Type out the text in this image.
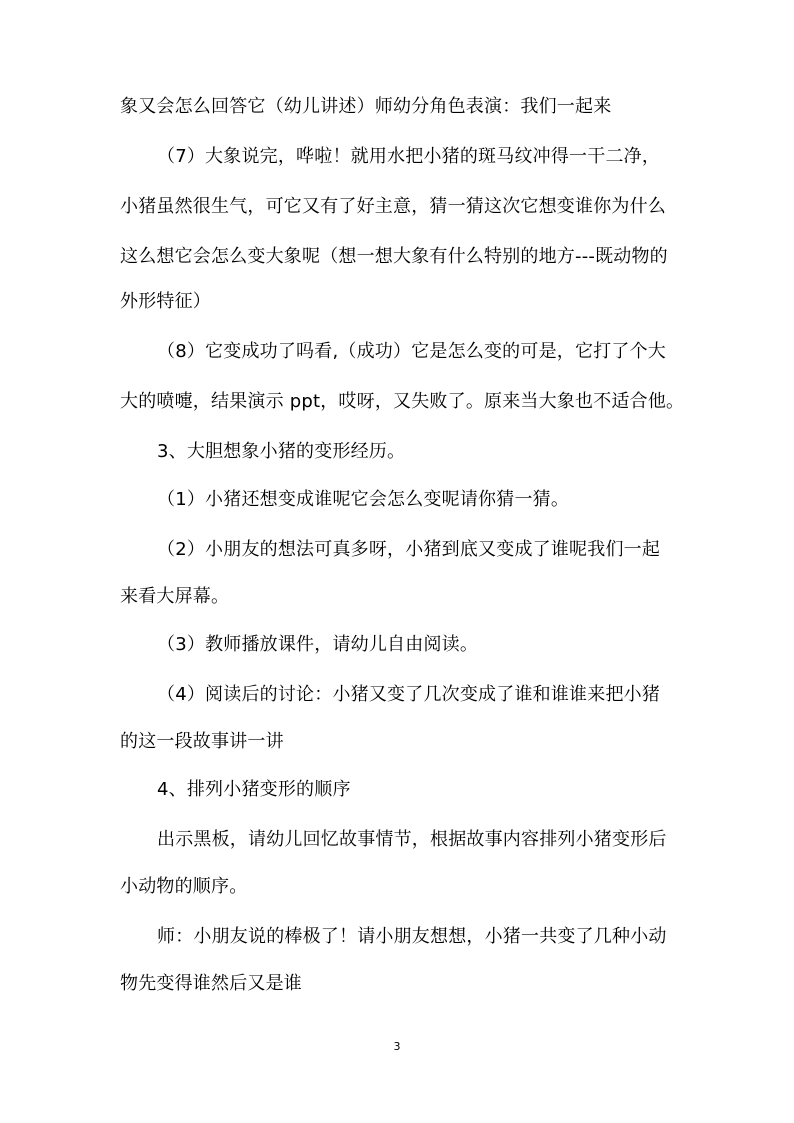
象又会怎么回答它（幼儿讲述）师幼分角色表演：我们一起来
（7）大象说完，哗啦！就用水把小猪的斑马纹冲得一干二净，
小猪虽然很生气，可它又有了好主意，猜一猜这次它想变谁你为什么
这么想它会怎么变大象呢（想一想大象有什么特别的地方---既动物的
外形特征）
（8）它变成功了吗看,（成功）它是怎么变的可是，它打了个大
大的喷嚏，结果演示 ppt，哎呀，又失败了。原来当大象也不适合他。
3、大胆想象小猪的变形经历。
（1）小猪还想变成谁呢它会怎么变呢请你猜一猜。
（2）小朋友的想法可真多呀，小猪到底又变成了谁呢我们一起
来看大屏幕。
（3）教师播放课件，请幼儿自由阅读。
（4）阅读后的讨论：小猪又变了几次变成了谁和谁谁来把小猪
的这一段故事讲一讲
4、排列小猪变形的顺序
出示黑板，请幼儿回忆故事情节，根据故事内容排列小猪变形后
小动物的顺序。
师：小朋友说的棒极了！请小朋友想想，小猪一共变了几种小动
物先变得谁然后又是谁
3
